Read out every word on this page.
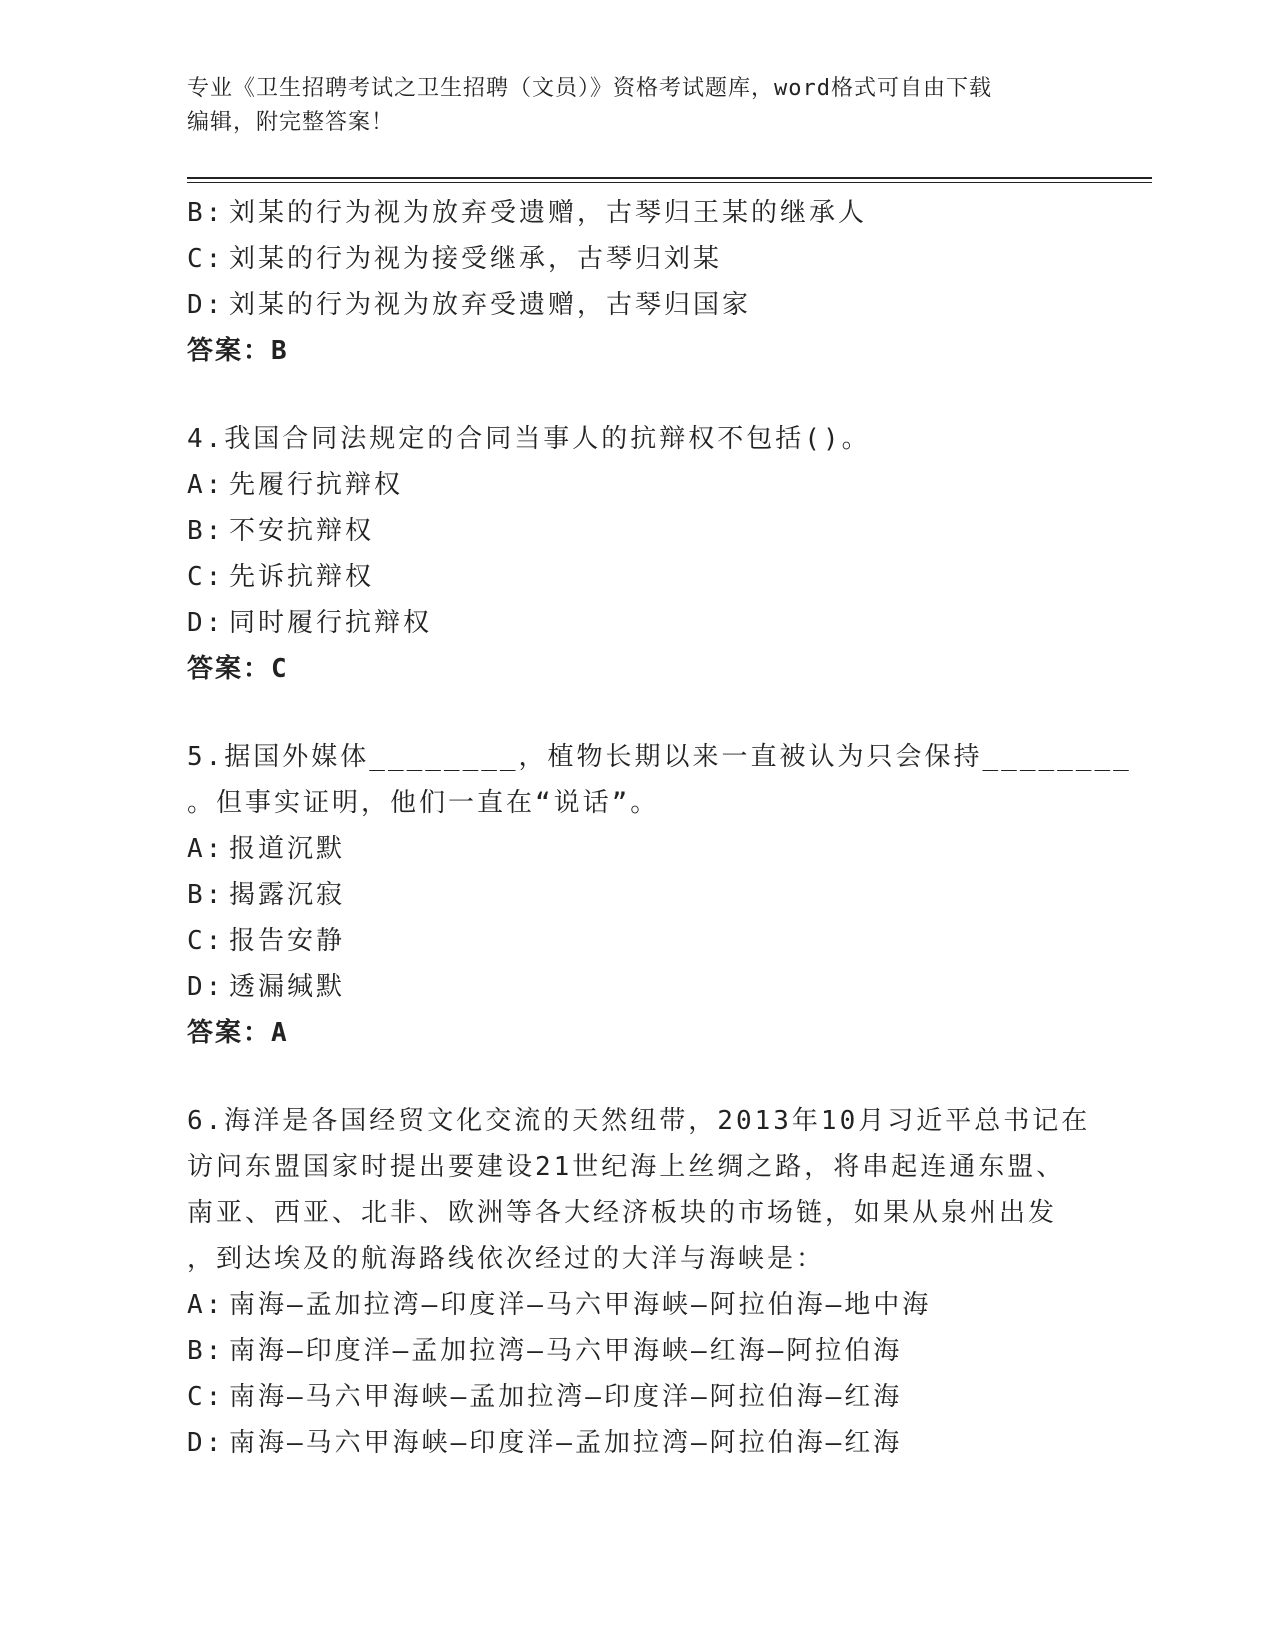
专业《卫生招聘考试之卫生招聘（文员）》资格考试题库，word格式可自由下载
编辑，附完整答案！
B: 刘某的行为视为放弃受遗赠，古琴归王某的继承人
C: 刘某的行为视为接受继承，古琴归刘某
D: 刘某的行为视为放弃受遗赠，古琴归国家
答案：B
4.我国合同法规定的合同当事人的抗辩权不包括()。
A: 先履行抗辩权
B: 不安抗辩权
C: 先诉抗辩权
D: 同时履行抗辩权
答案：C
5.据国外媒体________，植物长期以来一直被认为只会保持________
。但事实证明，他们一直在“说话”。
A: 报道沉默
B: 揭露沉寂
C: 报告安静
D: 透漏缄默
答案：A
6.海洋是各国经贸文化交流的天然纽带，2013年10月习近平总书记在
访问东盟国家时提出要建设21世纪海上丝绸之路，将串起连通东盟、
南亚、西亚、北非、欧洲等各大经济板块的市场链，如果从泉州出发
，到达埃及的航海路线依次经过的大洋与海峡是：
A: 南海—孟加拉湾—印度洋—马六甲海峡—阿拉伯海—地中海
B: 南海—印度洋—孟加拉湾—马六甲海峡—红海—阿拉伯海
C: 南海—马六甲海峡—孟加拉湾—印度洋—阿拉伯海—红海
D: 南海—马六甲海峡—印度洋—孟加拉湾—阿拉伯海—红海
